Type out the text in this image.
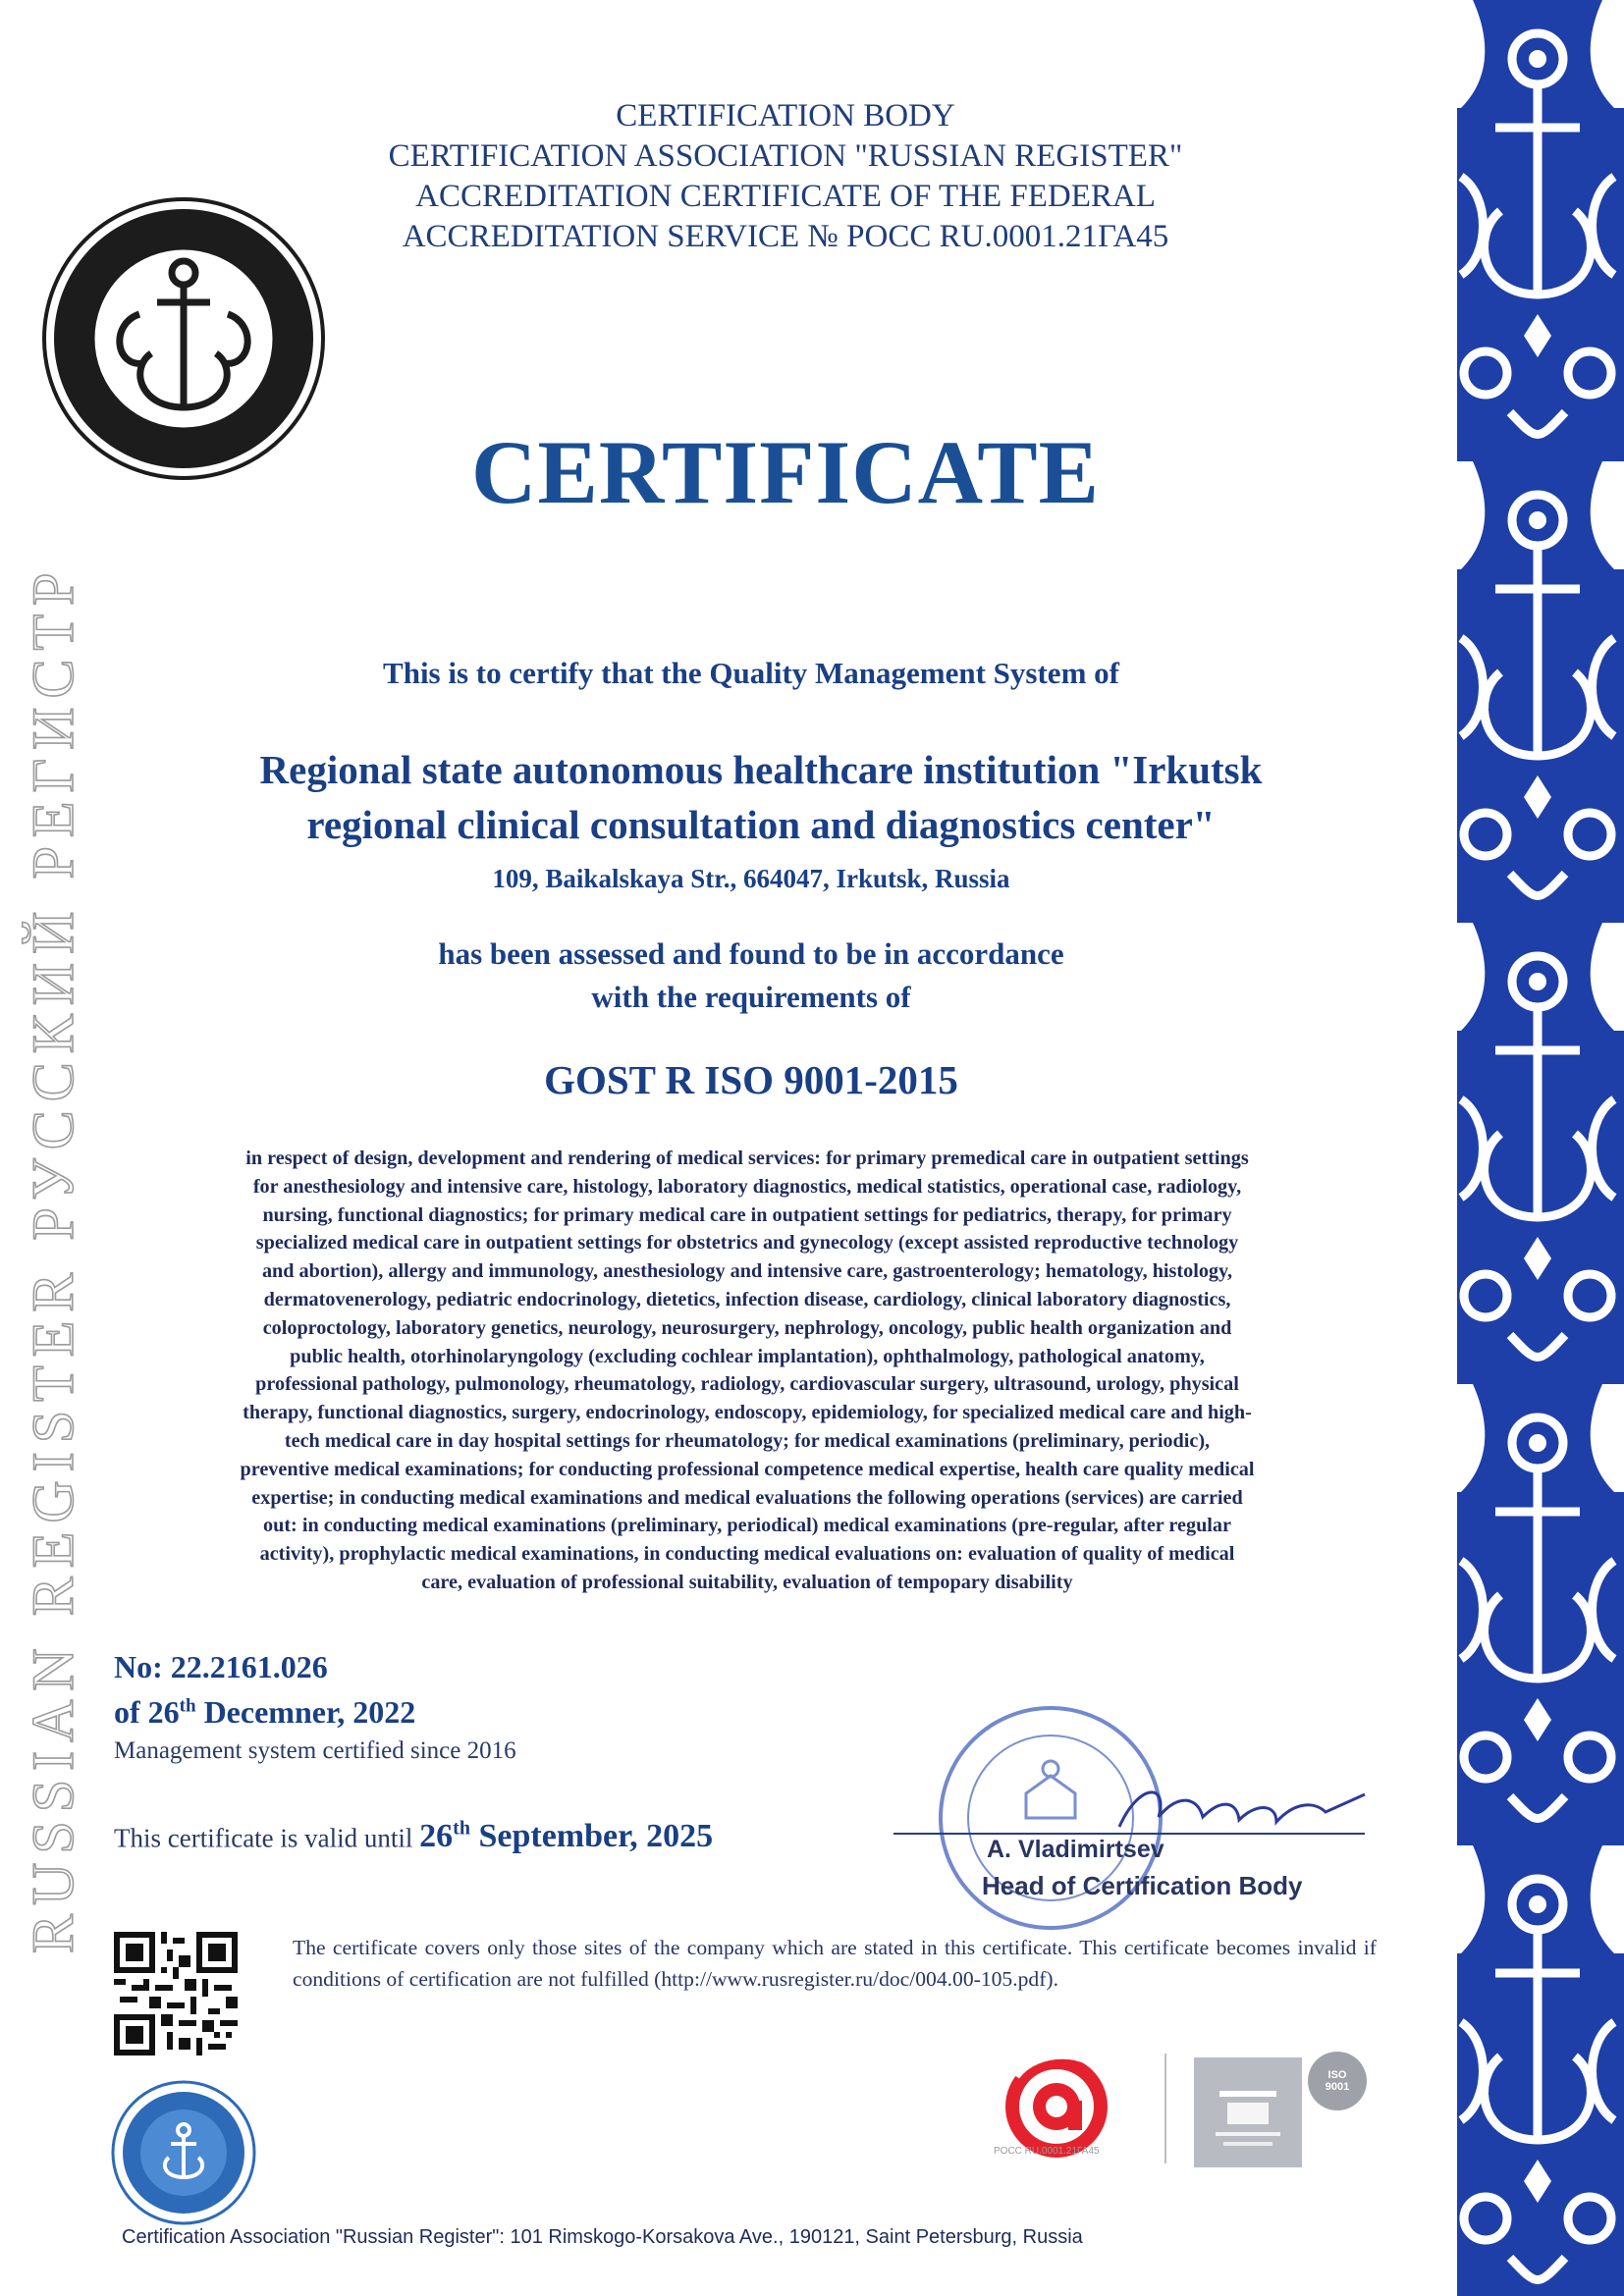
RUSSIAN REGISTER РУССКИЙ РЕГИСТР
CERTIFICATION BODY
CERTIFICATION ASSOCIATION "RUSSIAN REGISTER"
ACCREDITATION CERTIFICATE OF THE FEDERAL
ACCREDITATION SERVICE № POCC RU.0001.21ГА45
CERTIFICATE
This is to certify that the Quality Management System of
Regional state autonomous healthcare institution "Irkutsk
regional clinical consultation and diagnostics center"
109, Baikalskaya Str., 664047, Irkutsk, Russia
has been assessed and found to be in accordance
with the requirements of
GOST R ISO 9001-2015
in respect of design, development and rendering of medical services: for primary premedical care in outpatient settings
for anesthesiology and intensive care, histology, laboratory diagnostics, medical statistics, operational case, radiology,
nursing, functional diagnostics; for primary medical care in outpatient settings for pediatrics, therapy, for primary
specialized medical care in outpatient settings for obstetrics and gynecology (except assisted reproductive technology
and abortion), allergy and immunology, anesthesiology and intensive care, gastroenterology; hematology, histology,
dermatovenerology, pediatric endocrinology, dietetics, infection disease, cardiology, clinical laboratory diagnostics,
coloproctology, laboratory genetics, neurology, neurosurgery, nephrology, oncology, public health organization and
public health, otorhinolaryngology (excluding cochlear implantation), ophthalmology, pathological anatomy,
professional pathology, pulmonology, rheumatology, radiology, cardiovascular surgery, ultrasound, urology, physical
therapy, functional diagnostics, surgery, endocrinology, endoscopy, epidemiology, for specialized medical care and high-
tech medical care in day hospital settings for rheumatology; for medical examinations (preliminary, periodic),
preventive medical examinations; for conducting professional competence medical expertise, health care quality medical
expertise; in conducting medical examinations and medical evaluations the following operations (services) are carried
out: in conducting medical examinations (preliminary, periodical) medical examinations (pre-regular, after regular
activity), prophylactic medical examinations, in conducting medical evaluations on: evaluation of quality of medical
care, evaluation of professional suitability, evaluation of tempopary disability
No: 22.2161.026
of 26th Decemner, 2022
Management system certified since 2016
This certificate is valid until 26th September, 2025	A. Vladimirtsev
Head of Certification Body
The certificate covers only those sites of the company which are stated in this certificate. This certificate becomes invalid if conditions of certification are not fulfilled (http://www.rusregister.ru/doc/004.00-105.pdf).
ISO 9001
POCC RU.0001.21ГА45
Certification Association "Russian Register": 101 Rimskogo-Korsakova Ave., 190121, Saint Petersburg, Russia
